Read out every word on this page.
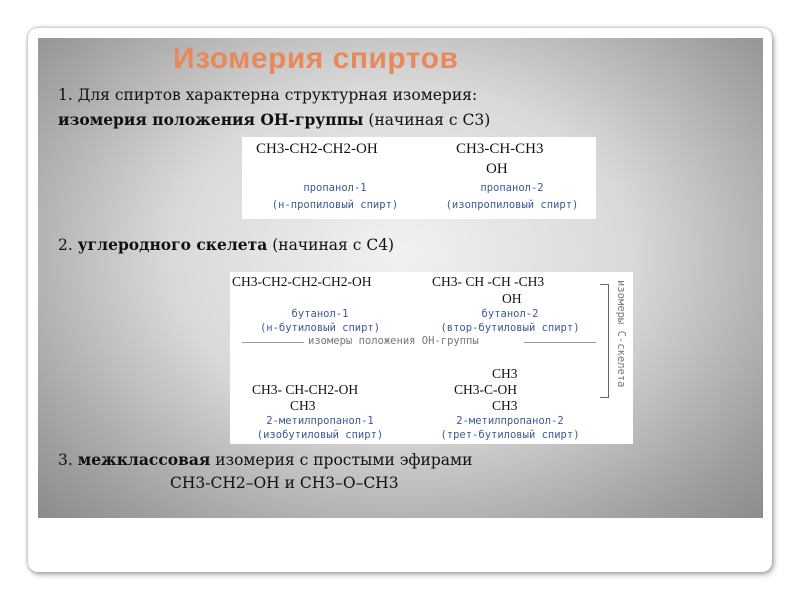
Изомерия спиртов
1. Для спиртов характерна структурная изомерия:
изомерия положения ОН-группы (начиная с С3)
CH3-CH2-CH2-OH	CH3-CH-CH3
OH
пропанол-1
(н-пропиловый спирт)
пропанол-2
(изопропиловый спирт)
2. углеродного скелета (начиная с С4)
CH3-CH2-CH2-CH2-OH	CH3- CH -CH -CH3
OH
бутанол-1
(н-бутиловый спирт)
бутанол-2
(втор-бутиловый спирт)
изомеры положения ОН-группы	изомеры С-скелета
CH3- CH-CH2-OH
CH3
CH3
CH3-C-OH
CH3
2-метилпропанол-1
(изобутиловый спирт)
2-метилпропанол-2
(трет-бутиловый спирт)
3. межклассовая изомерия с простыми эфирами
CH3-CH2–OH и CH3–O–CH3
